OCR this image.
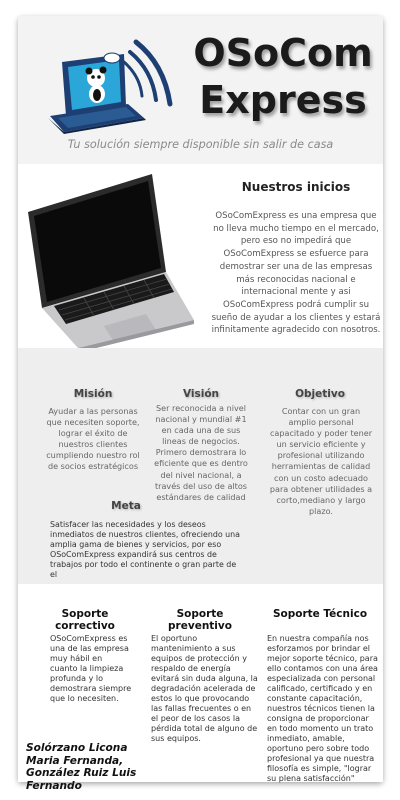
OSoCom
Express
Tu solución siempre disponible sin salir de casa
Nuestros inicios
OSoComExpress es una empresa que no lleva mucho tiempo en el mercado, pero eso no impedirá que OSoComExpress se esfuerce para demostrar ser una de las empresas más reconocidas nacional e internacional mente y asi OSoComExpress podrá cumplir su sueño de ayudar a los clientes y estará infinitamente agradecido con nosotros.
Misión
Ayudar a las personas que necesiten soporte, lograr el éxito de nuestros clientes cumpliendo nuestro rol de socios estratégicos
Visión
Ser reconocida a nivel nacional y mundial #1 en cada una de sus lineas de negocios. Primero demostrara lo eficiente que es dentro del nivel nacional, a través del uso de altos estándares de calidad
Objetivo
Contar con un gran amplio personal capacitado y poder tener un servicio eficiente y profesional utilizando herramientas de calidad con un costo adecuado para obtener utilidades a corto,mediano y largo plazo.
Meta
Satisfacer las necesidades y los deseos inmediatos de nuestros clientes, ofreciendo una amplia gama de bienes y servicios, por eso OSoComExpress expandirá sus centros de trabajos por todo el continente o gran parte de el
Soporte correctivo
OSoComExpress es una de las empresa muy hábil en cuanto la limpieza profunda y lo demostrara siempre que lo necesiten.
Soporte preventivo
El oportuno mantenimiento a sus equipos de protección y respaldo de energía evitará sin duda alguna, la degradación acelerada de estos lo que provocando las fallas frecuentes o en el peor de los casos la pérdida total de alguno de sus equipos.
Soporte Técnico
En nuestra compañía nos esforzamos por brindar el mejor soporte técnico, para ello contamos con una área especializada con personal calificado, certificado y en constante capacitación, nuestros técnicos tienen la consigna de proporcionar en todo momento un trato inmediato, amable, oportuno pero sobre todo profesional ya que nuestra filosofía es simple, "lograr su plena satisfacción"
Solórzano Licona Maria Fernanda, González Ruiz Luis Fernando
